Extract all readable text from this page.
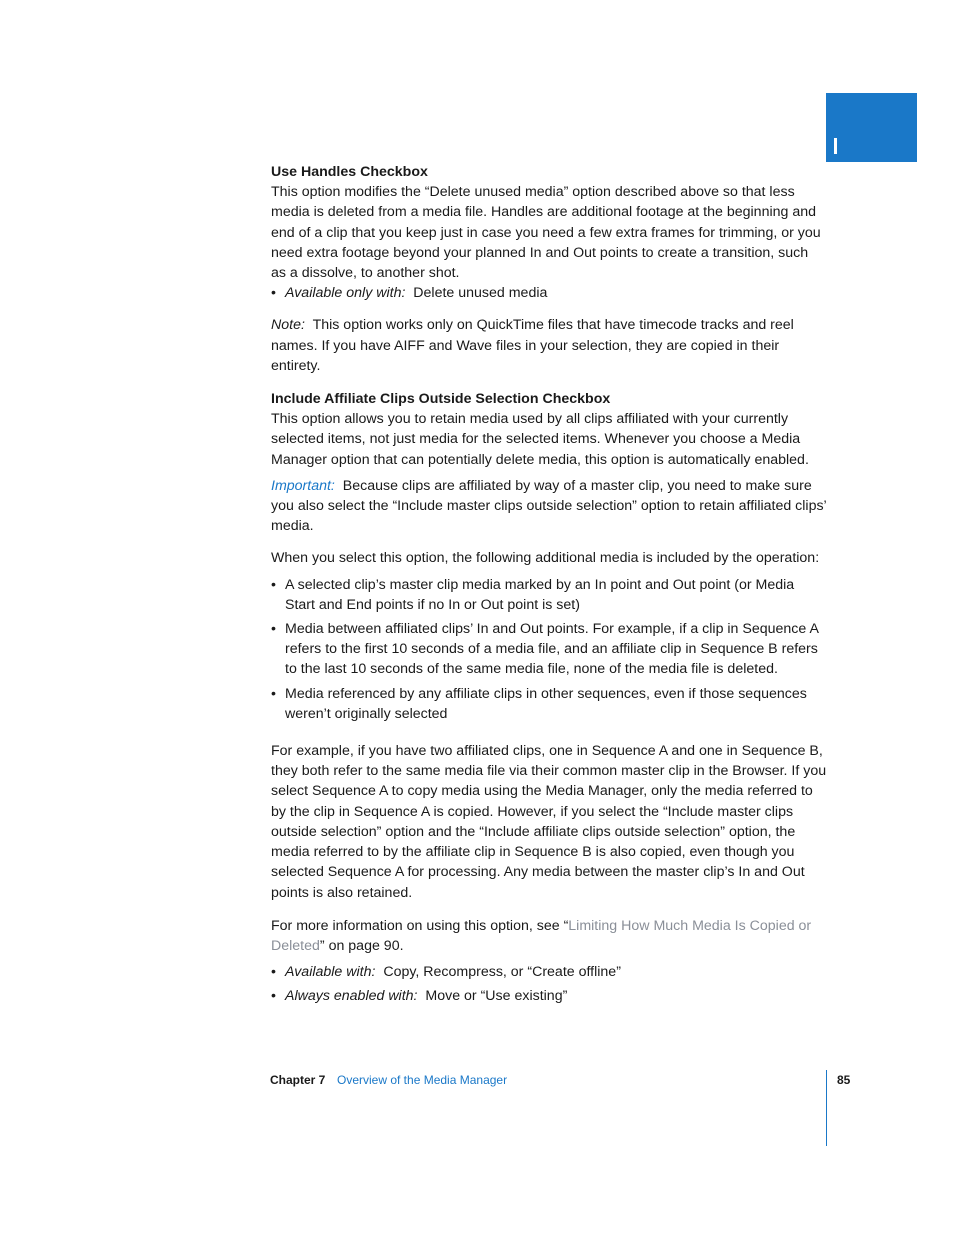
Use Handles Checkbox

This option modifies the “Delete unused media” option described above so that less media is deleted from a media file. Handles are additional footage at the beginning and end of a clip that you keep just in case you need a few extra frames for trimming, or you need extra footage beyond your planned In and Out points to create a transition, such as a dissolve, to another shot.

• Available only with: Delete unused media

Note: This option works only on QuickTime files that have timecode tracks and reel names. If you have AIFF and Wave files in your selection, they are copied in their entirety.

Include Affiliate Clips Outside Selection Checkbox

This option allows you to retain media used by all clips affiliated with your currently selected items, not just media for the selected items. Whenever you choose a Media Manager option that can potentially delete media, this option is automatically enabled.

Important: Because clips are affiliated by way of a master clip, you need to make sure you also select the “Include master clips outside selection” option to retain affiliated clips’ media.

When you select this option, the following additional media is included by the operation:

• A selected clip’s master clip media marked by an In point and Out point (or Media Start and End points if no In or Out point is set)
• Media between affiliated clips’ In and Out points. For example, if a clip in Sequence A refers to the first 10 seconds of a media file, and an affiliate clip in Sequence B refers to the last 10 seconds of the same media file, none of the media file is deleted.
• Media referenced by any affiliate clips in other sequences, even if those sequences weren’t originally selected

For example, if you have two affiliated clips, one in Sequence A and one in Sequence B, they both refer to the same media file via their common master clip in the Browser. If you select Sequence A to copy media using the Media Manager, only the media referred to by the clip in Sequence A is copied. However, if you select the “Include master clips outside selection” option and the “Include affiliate clips outside selection” option, the media referred to by the affiliate clip in Sequence B is also copied, even though you selected Sequence A for processing. Any media between the master clip’s In and Out points is also retained.

For more information on using this option, see “Limiting How Much Media Is Copied or Deleted” on page 90.

• Available with: Copy, Recompress, or “Create offline”
• Always enabled with: Move or “Use existing”
Chapter 7 Overview of the Media Manager	85
